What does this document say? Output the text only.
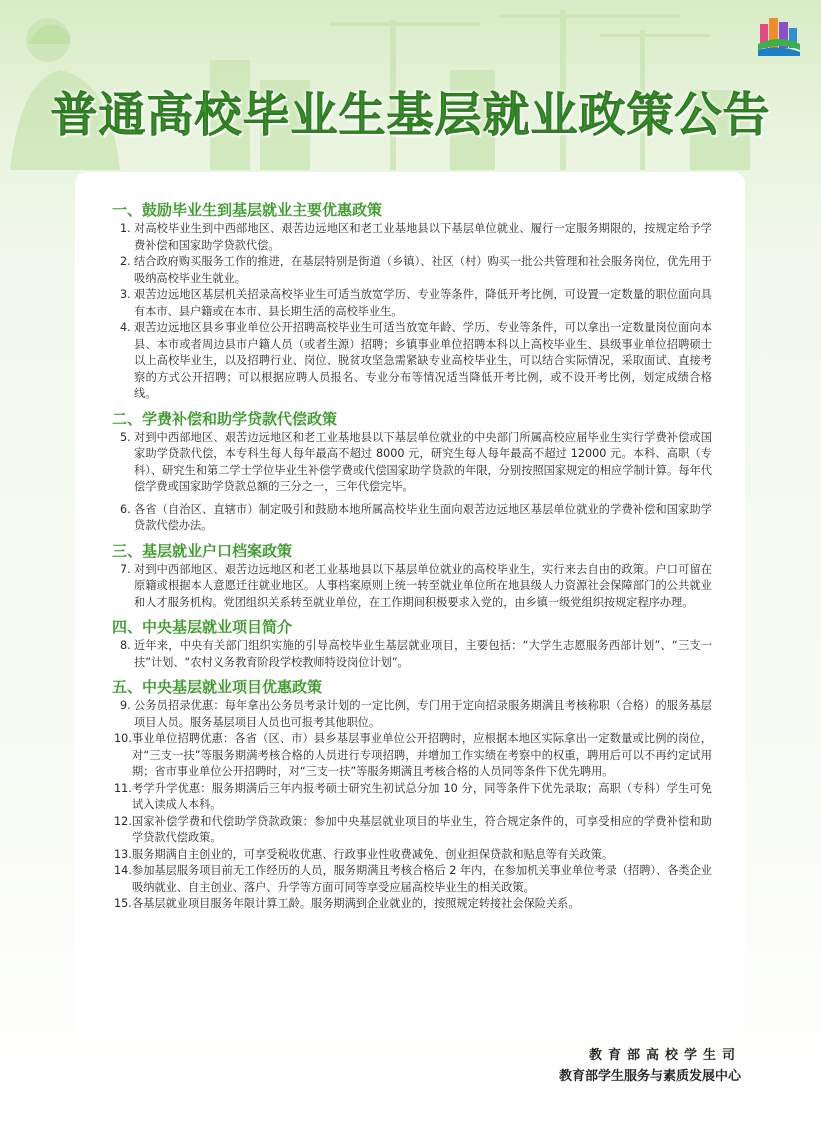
普通高校毕业生基层就业政策公告
一、鼓励毕业生到基层就业主要优惠政策
1. 对高校毕业生到中西部地区、艰苦边远地区和老工业基地县以下基层单位就业、履行一定服务期限的，按规定给予学费补偿和国家助学贷款代偿。
2. 结合政府购买服务工作的推进，在基层特别是街道（乡镇）、社区（村）购买一批公共管理和社会服务岗位，优先用于吸纳高校毕业生就业。
3. 艰苦边远地区基层机关招录高校毕业生可适当放宽学历、专业等条件，降低开考比例，可设置一定数量的职位面向具有本市、县户籍或在本市、县长期生活的高校毕业生。
4. 艰苦边远地区县乡事业单位公开招聘高校毕业生可适当放宽年龄、学历、专业等条件，可以拿出一定数量岗位面向本县、本市或者周边县市户籍人员（或者生源）招聘；乡镇事业单位招聘本科以上高校毕业生、县级事业单位招聘硕士以上高校毕业生，以及招聘行业、岗位、脱贫攻坚急需紧缺专业高校毕业生，可以结合实际情况，采取面试、直接考察的方式公开招聘；可以根据应聘人员报名、专业分布等情况适当降低开考比例，或不设开考比例，划定成绩合格线。
二、学费补偿和助学贷款代偿政策
5. 对到中西部地区、艰苦边远地区和老工业基地县以下基层单位就业的中央部门所属高校应届毕业生实行学费补偿或国家助学贷款代偿，本专科生每人每年最高不超过 8000 元，研究生每人每年最高不超过 12000 元。本科、高职（专科）、研究生和第二学士学位毕业生补偿学费或代偿国家助学贷款的年限，分别按照国家规定的相应学制计算。每年代偿学费或国家助学贷款总额的三分之一，三年代偿完毕。
6. 各省（自治区、直辖市）制定吸引和鼓励本地所属高校毕业生面向艰苦边远地区基层单位就业的学费补偿和国家助学贷款代偿办法。
三、基层就业户口档案政策
7. 对到中西部地区、艰苦边远地区和老工业基地县以下基层单位就业的高校毕业生，实行来去自由的政策。户口可留在原籍或根据本人意愿迁往就业地区。人事档案原则上统一转至就业单位所在地县级人力资源社会保障部门的公共就业和人才服务机构。党团组织关系转至就业单位，在工作期间积极要求入党的，由乡镇一级党组织按规定程序办理。
四、中央基层就业项目简介
8. 近年来，中央有关部门组织实施的引导高校毕业生基层就业项目，主要包括：“大学生志愿服务西部计划”、“三支一扶”计划、“农村义务教育阶段学校教师特设岗位计划”。
五、中央基层就业项目优惠政策
9. 公务员招录优惠：每年拿出公务员考录计划的一定比例，专门用于定向招录服务期满且考核称职（合格）的服务基层项目人员。服务基层项目人员也可报考其他职位。
10. 事业单位招聘优惠：各省（区、市）县乡基层事业单位公开招聘时，应根据本地区实际拿出一定数量或比例的岗位，对“三支一扶”等服务期满考核合格的人员进行专项招聘，并增加工作实绩在考察中的权重，聘用后可以不再约定试用期；省市事业单位公开招聘时，对“三支一扶”等服务期满且考核合格的人员同等条件下优先聘用。
11. 考学升学优惠：服务期满后三年内报考硕士研究生初试总分加 10 分，同等条件下优先录取；高职（专科）学生可免试入读成人本科。
12. 国家补偿学费和代偿助学贷款政策：参加中央基层就业项目的毕业生，符合规定条件的，可享受相应的学费补偿和助学贷款代偿政策。
13. 服务期满自主创业的，可享受税收优惠、行政事业性收费减免、创业担保贷款和贴息等有关政策。
14. 参加基层服务项目前无工作经历的人员，服务期满且考核合格后 2 年内，在参加机关事业单位考录（招聘）、各类企业吸纳就业、自主创业、落户、升学等方面可同等享受应届高校毕业生的相关政策。
15. 各基层就业项目服务年限计算工龄。服务期满到企业就业的，按照规定转接社会保险关系。
教育部高校学生司
教育部学生服务与素质发展中心
